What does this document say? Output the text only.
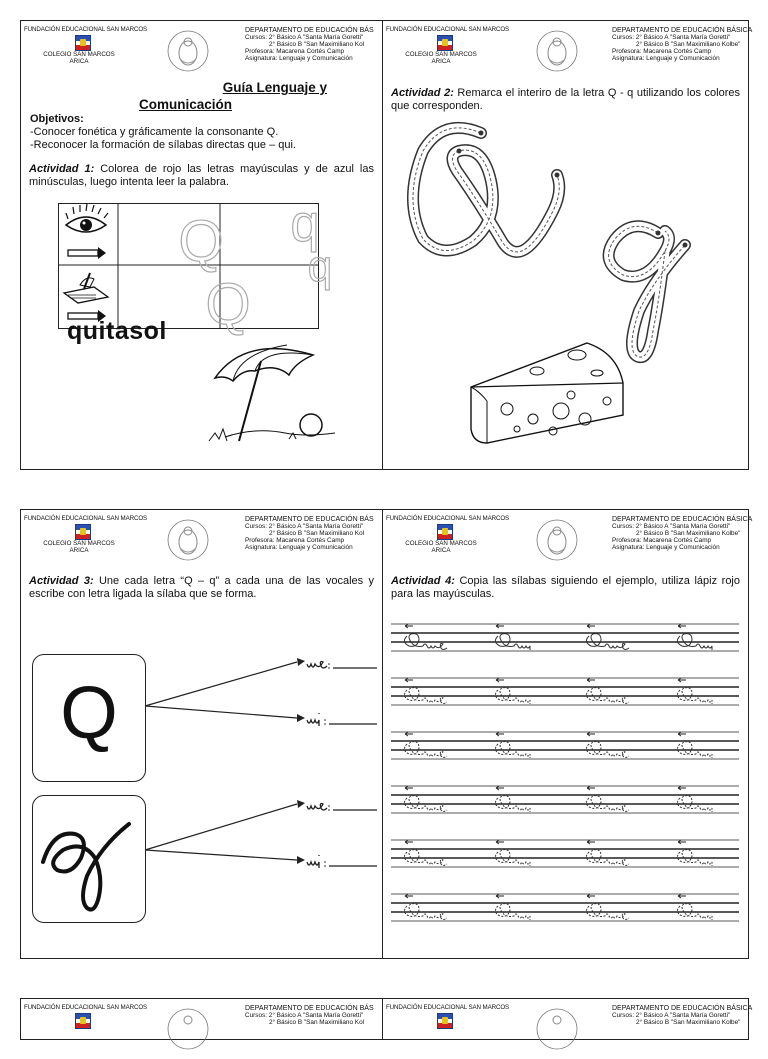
FUNDACIÓN EDUCACIONAL SAN MARCOS
COLEGIO SAN MARCOS
ARICA
DEPARTAMENTO DE EDUCACIÓN BÁS
Cursos: 2° Básico A "Santa María Goretti"
2° Básico B "San Maximiliano Kol
Profesora: Macarena Cortés Camp
Asignatura: Lenguaje y Comunicación
Guía Lenguaje y
Comunicación
Objetivos:
-Conocer fonética y gráficamente la consonante Q.
-Reconocer la formación de sílabas directas que – qui.
Actividad 1: Colorea de rojo las letras mayúsculas y de azul las minúsculas, luego intenta leer la palabra.
Q
Q
q
q
quitasol
FUNDACIÓN EDUCACIONAL SAN MARCOS
COLEGIO SAN MARCOS
ARICA
DEPARTAMENTO DE EDUCACIÓN BÁSICA
Cursos: 2° Básico A "Santa María Goretti"
2° Básico B "San Maximiliano Kolbe"
Profesora: Macarena Cortés Camp
Asignatura: Lenguaje y Comunicación
Actividad 2: Remarca el interiro de la letra Q - q utilizando los colores que corresponden.
FUNDACIÓN EDUCACIONAL SAN MARCOS
COLEGIO SAN MARCOS
ARICA
DEPARTAMENTO DE EDUCACIÓN BÁS
Cursos: 2° Básico A "Santa María Goretti"
2° Básico B "San Maximiliano Kol
Profesora: Macarena Cortés Camp
Asignatura: Lenguaje y Comunicación
Actividad 3: Une cada letra “Q – q” a cada una de las vocales y escribe con letra ligada la sílaba que se forma.
Q
FUNDACIÓN EDUCACIONAL SAN MARCOS
COLEGIO SAN MARCOS
ARICA
DEPARTAMENTO DE EDUCACIÓN BÁSICA
Cursos: 2° Básico A "Santa María Goretti"
2° Básico B "San Maximiliano Kolbe"
Profesora: Macarena Cortés Camp
Asignatura: Lenguaje y Comunicación
Actividad 4: Copia las sílabas siguiendo el ejemplo, utiliza lápiz rojo para las mayúsculas.
FUNDACIÓN EDUCACIONAL SAN MARCOS	DEPARTAMENTO DE EDUCACIÓN BÁS
Cursos: 2° Básico A "Santa María Goretti"
2° Básico B "San Maximiliano Kol
FUNDACIÓN EDUCACIONAL SAN MARCOS	DEPARTAMENTO DE EDUCACIÓN BÁSICA
Cursos: 2° Básico A "Santa María Goretti"
2° Básico B "San Maximiliano Kolbe"
